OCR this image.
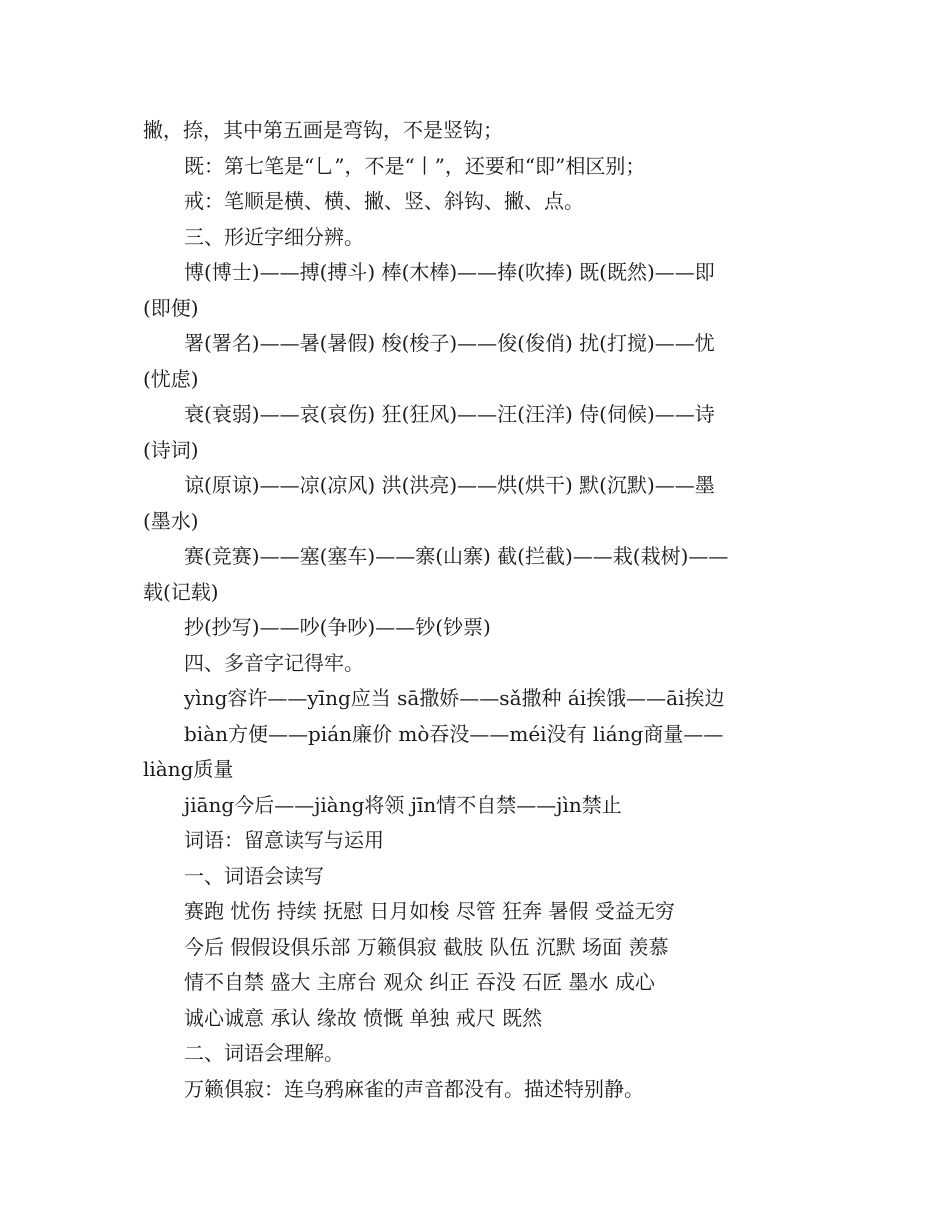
撇，捺，其中第五画是弯钩，不是竖钩；
既：第七笔是“乚”，不是“丨”，还要和“即”相区别；
戒：笔顺是横、横、撇、竖、斜钩、撇、点。
三、形近字细分辨。
博(博士)——搏(搏斗) 棒(木棒)——捧(吹捧) 既(既然)——即
(即便)
署(署名)——暑(暑假) 梭(梭子)——俊(俊俏) 扰(打搅)——忧
(忧虑)
衰(衰弱)——哀(哀伤) 狂(狂风)——汪(汪洋) 侍(伺候)——诗
(诗词)
谅(原谅)——凉(凉风) 洪(洪亮)——烘(烘干) 默(沉默)——墨
(墨水)
赛(竞赛)——塞(塞车)——寨(山寨) 截(拦截)——栽(栽树)——
载(记载)
抄(抄写)——吵(争吵)——钞(钞票)
四、多音字记得牢。
yìng容许——yīng应当 sā撒娇——sǎ撒种 ái挨饿——āi挨边
biàn方便——pián廉价 mò吞没——méi没有 liáng商量——
liàng质量
jiāng今后——jiàng将领 jīn情不自禁——jìn禁止
词语：留意读写与运用
一、词语会读写
赛跑 忧伤 持续 抚慰 日月如梭 尽管 狂奔 暑假 受益无穷
今后 假假设俱乐部 万籁俱寂 截肢 队伍 沉默 场面 羡慕
情不自禁 盛大 主席台 观众 纠正 吞没 石匠 墨水 成心
诚心诚意 承认 缘故 愤慨 单独 戒尺 既然
二、词语会理解。
万籁俱寂：连乌鸦麻雀的声音都没有。描述特别静。
